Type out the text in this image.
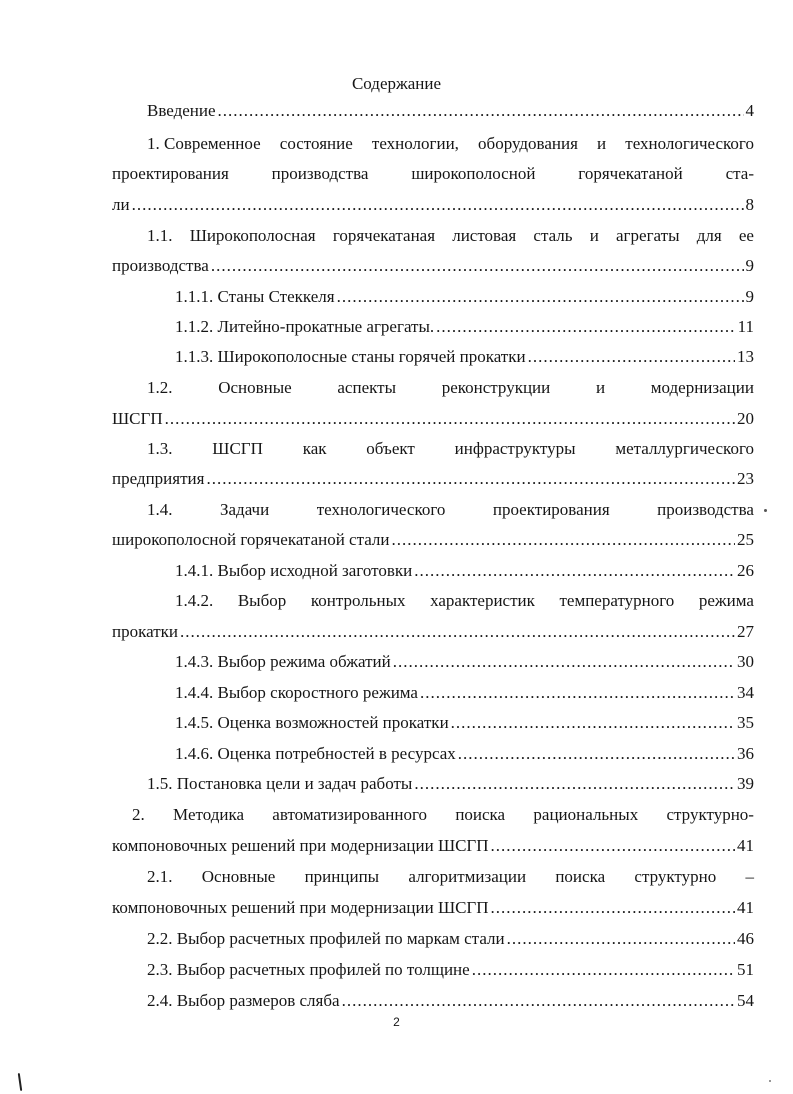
Содержание
Введение .....	4
1. Современное состояние технологии, оборудования и технологического
проектирования	производства	широкополосной	горячекатаной	ста-
ли .....	8
1.1. Широкополосная горячекатаная листовая сталь и агрегаты для ее
производства .....	9
1.1.1. Станы Стеккеля .....	9
1.1.2. Литейно-прокатные агрегаты. .....	11
1.1.3. Широкополосные станы горячей прокатки .....	13
1.2.	Основные	аспекты	реконструкции	и	модернизации
ШСГП .....	20
1.3. ШСГП как объект инфраструктуры металлургического
предприятия .....	23
1.4.	Задачи	технологического	проектирования	производства
широкополосной горячекатаной стали .....	25
1.4.1. Выбор исходной заготовки .....	26
1.4.2. Выбор контрольных характеристик температурного режима
прокатки .....	27
1.4.3. Выбор режима обжатий .....	30
1.4.4. Выбор скоростного режима .....	34
1.4.5. Оценка возможностей прокатки .....	35
1.4.6. Оценка потребностей в ресурсах .....	36
1.5. Постановка цели и задач работы .....	39
2. Методика автоматизированного поиска рациональных структурно-
компоновочных решений при модернизации ШСГП .....	41
2.1. Основные принципы алгоритмизации поиска структурно –
компоновочных решений при модернизации ШСГП .....	41
2.2. Выбор расчетных профилей по маркам стали .....	46
2.3. Выбор расчетных профилей по толщине .....	51
2.4. Выбор размеров сляба .....	54
2
